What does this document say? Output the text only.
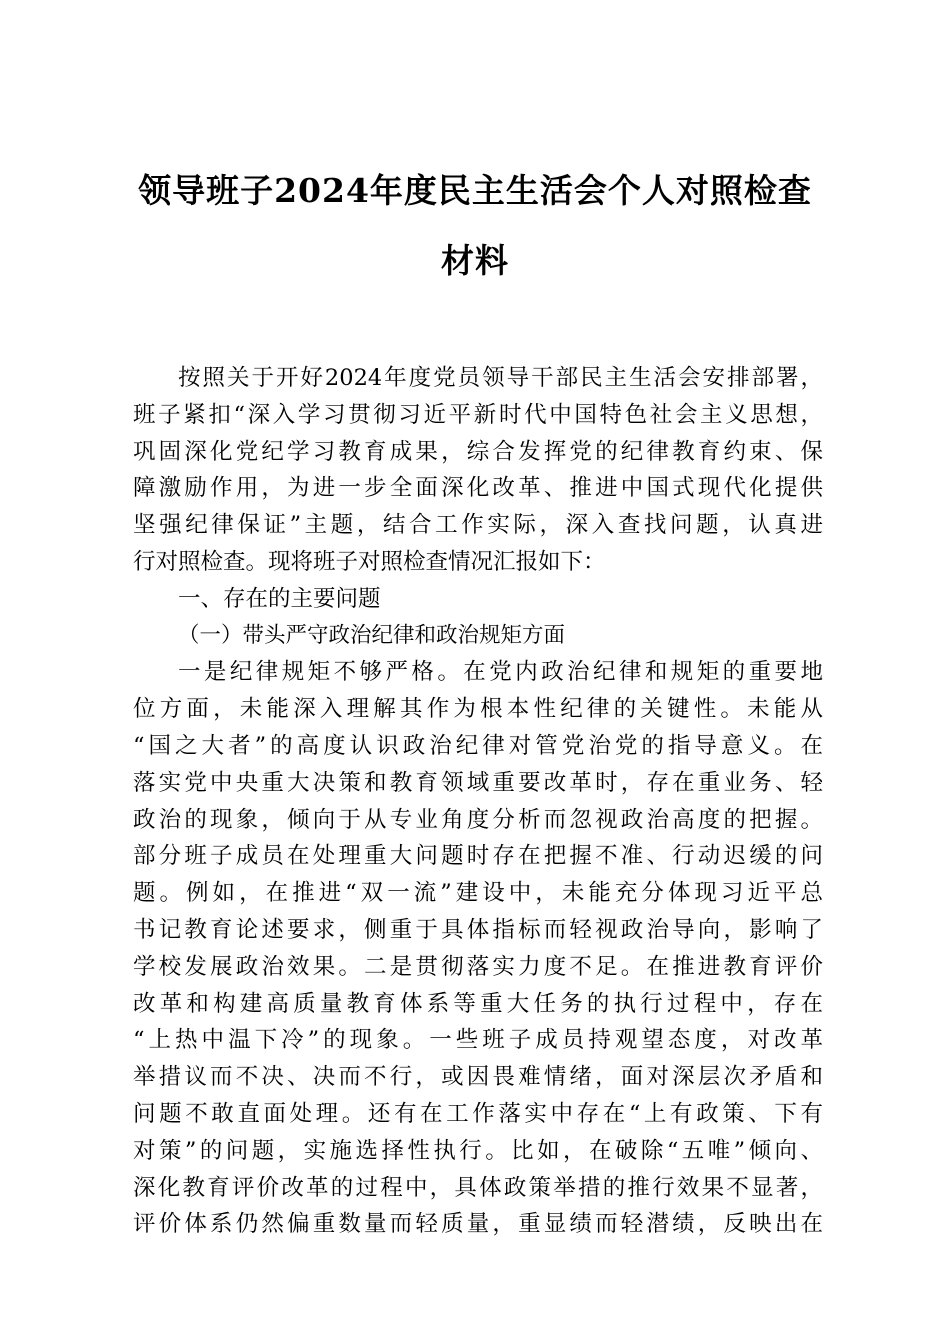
领导班子2024年度民主生活会个人对照检查
材料
按照关于开好2024年度党员领导干部民主生活会安排部署，
班子紧扣“深入学习贯彻习近平新时代中国特色社会主义思想，
巩固深化党纪学习教育成果，综合发挥党的纪律教育约束、保
障激励作用，为进一步全面深化改革、推进中国式现代化提供
坚强纪律保证”主题，结合工作实际，深入查找问题，认真进
行对照检查。现将班子对照检查情况汇报如下：
一、存在的主要问题
（一）带头严守政治纪律和政治规矩方面
一是纪律规矩不够严格。在党内政治纪律和规矩的重要地
位方面，未能深入理解其作为根本性纪律的关键性。未能从
“国之大者”的高度认识政治纪律对管党治党的指导意义。在
落实党中央重大决策和教育领域重要改革时，存在重业务、轻
政治的现象，倾向于从专业角度分析而忽视政治高度的把握。
部分班子成员在处理重大问题时存在把握不准、行动迟缓的问
题。例如，在推进“双一流”建设中，未能充分体现习近平总
书记教育论述要求，侧重于具体指标而轻视政治导向，影响了
学校发展政治效果。二是贯彻落实力度不足。在推进教育评价
改革和构建高质量教育体系等重大任务的执行过程中，存在
“上热中温下冷”的现象。一些班子成员持观望态度，对改革
举措议而不决、决而不行，或因畏难情绪，面对深层次矛盾和
问题不敢直面处理。还有在工作落实中存在“上有政策、下有
对策”的问题，实施选择性执行。比如，在破除“五唯”倾向、
深化教育评价改革的过程中，具体政策举措的推行效果不显著，
评价体系仍然偏重数量而轻质量，重显绩而轻潜绩，反映出在
